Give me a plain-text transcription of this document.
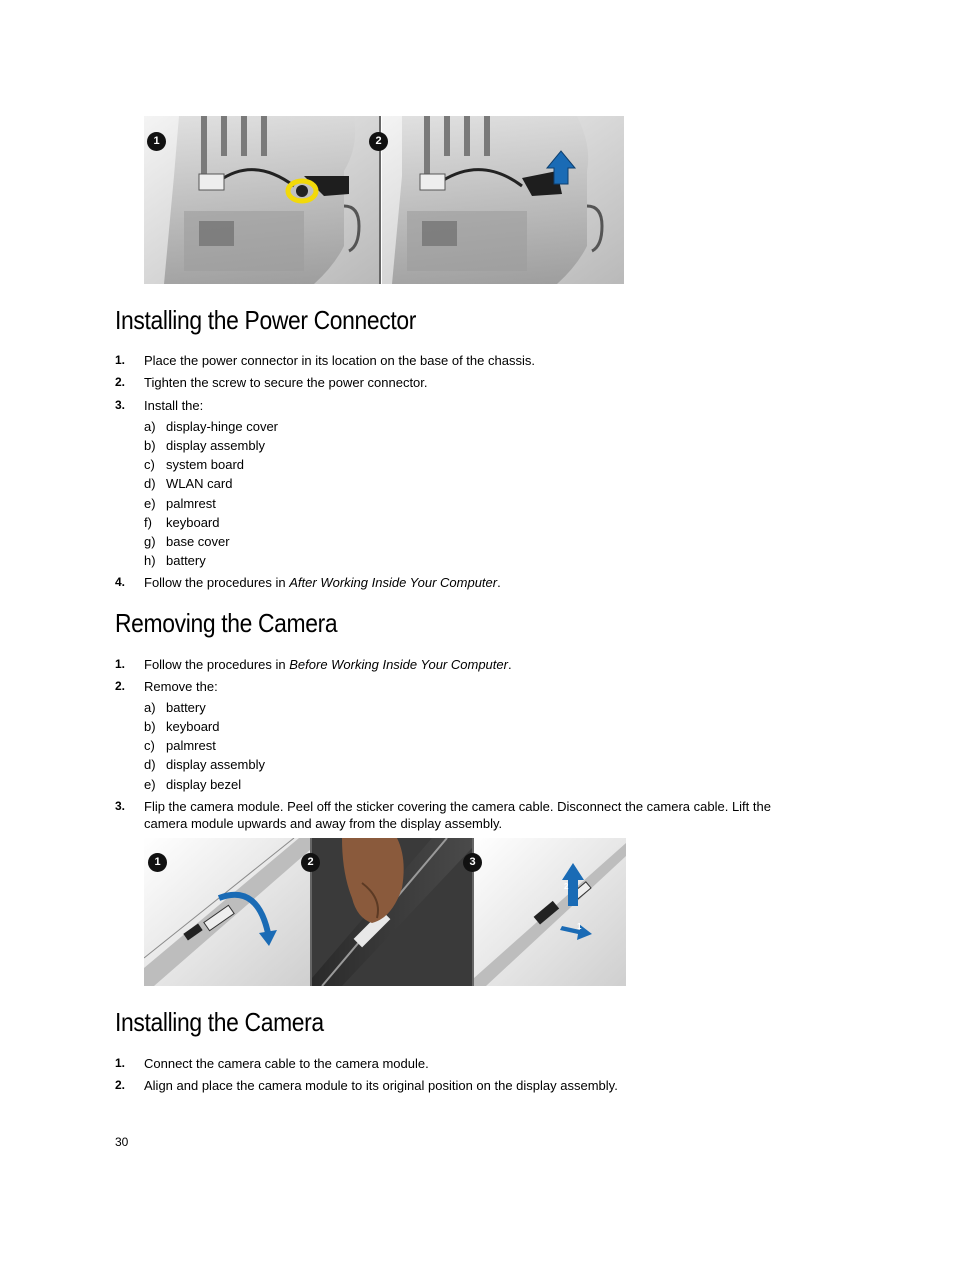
1	2
Installing the Power Connector
1. Place the power connector in its location on the base of the chassis.
2. Tighten the screw to secure the power connector.
3. Install the:
a) display-hinge cover
b) display assembly
c) system board
d) WLAN card
e) palmrest
f) keyboard
g) base cover
h) battery
4. Follow the procedures in After Working Inside Your Computer.
Removing the Camera
1. Follow the procedures in Before Working Inside Your Computer.
2. Remove the:
a) battery
b) keyboard
c) palmrest
d) display assembly
e) display bezel
3. Flip the camera module. Peel off the sticker covering the camera cable. Disconnect the camera cable. Lift the camera module upwards and away from the display assembly.
1	2	3
2
1
Installing the Camera
1. Connect the camera cable to the camera module.
2. Align and place the camera module to its original position on the display assembly.
30
